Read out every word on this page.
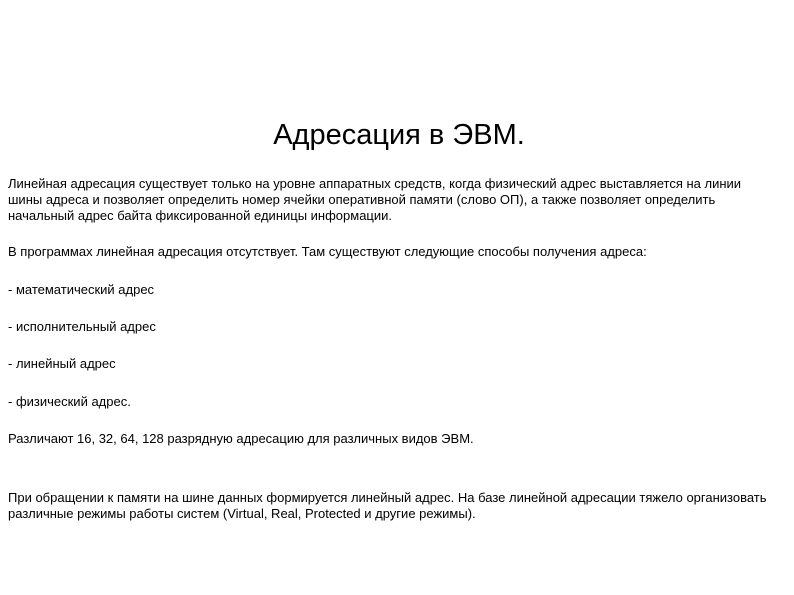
Адресация в ЭВМ.

Линейная адресация существует только на уровне аппаратных средств, когда физический адрес выставляется на линии шины адреса и позволяет определить номер ячейки оперативной памяти (слово ОП), а также позволяет определить начальный адрес байта фиксированной единицы информации.

В программах линейная адресация отсутствует. Там существуют следующие способы получения адреса:

- математический адрес

- исполнительный адрес

- линейный адрес

- физический адрес.

Различают 16, 32, 64, 128 разрядную адресацию для различных видов ЭВМ.

При обращении к памяти на шине данных формируется линейный адрес. На базе линейной адресации тяжело организовать различные режимы работы систем (Virtual, Real, Protected и другие режимы).
